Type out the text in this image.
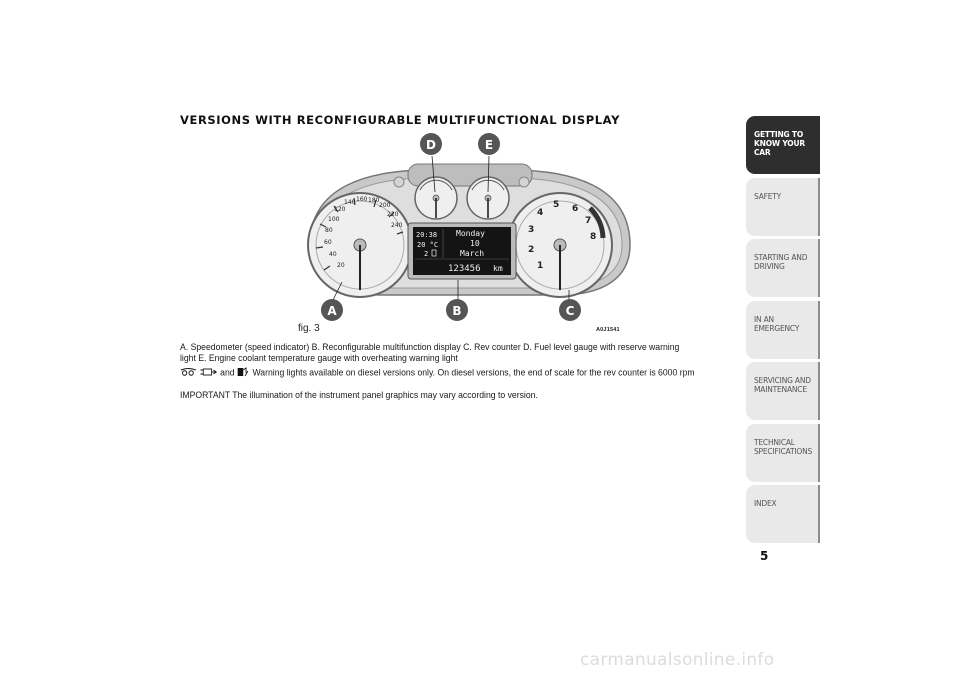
VERSIONS WITH RECONFIGURABLE MULTIFUNCTIONAL DISPLAY
20
40
60
80
100
120
140 160 180
200
220
240
1
2
3
4
5 6
7
8
20:38
20 °C
2
Monday
10
March
123456 km
A	B	C
D	E
fig. 3	A0J1541
A. Speedometer (speed indicator) B. Reconfigurable multifunction display C. Rev counter D. Fuel level gauge with reserve warning light E. Engine coolant temperature gauge with overheating warning light
and Warning lights available on diesel versions only. On diesel versions, the end of scale for the rev counter is 6000 rpm
IMPORTANT The illumination of the instrument panel graphics may vary according to version.
GETTING TO KNOW YOUR CAR
SAFETY
STARTING AND DRIVING
IN AN EMERGENCY
SERVICING AND MAINTENANCE
TECHNICAL SPECIFICATIONS
INDEX
5
carmanualsonline.info
